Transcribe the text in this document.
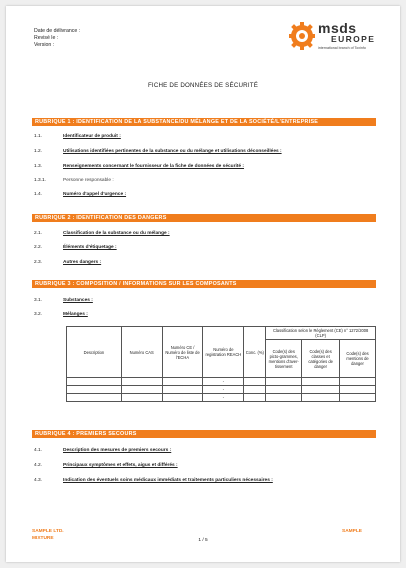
Date de délivrance :
Revisé le :
Version :
msds
EUROPE
international branch of Toxinfo
FICHE DE DONNÉES DE SÉCURITÉ
RUBRIQUE 1 : IDENTIFICATION DE LA SUBSTANCE/DU MÉLANGE ET DE LA SOCIÉTÉ/L'ENTREPRISE
1.1.	Identificateur de produit :
1.2.	Utilisations identifiées pertinentes de la substance ou du mélange et utilisations déconseillées :
1.3.	Renseignements concernant le fournisseur de la fiche de données de sécurité :
1.3.1.	Personne responsable :
1.4.	Numéro d'appel d'urgence :
RUBRIQUE 2 : IDENTIFICATION DES DANGERS
2.1.	Classification de la substance ou du mélange :
2.2.	Éléments d'étiquetage :
2.3.	Autres dangers :
RUBRIQUE 3 : COMPOSITION / INFORMATIONS SUR LES COMPOSANTS
3.1.	Substances :
3.2.	Mélanges :
Description	Numéro CAS	Numéro CE / Numéro de liste de l'ECHA	Numéro de registration REACH	Conc. (%)	Classification selon le Règlement (CE) n° 1272/2008 (CLP)		
					Code(s) des picto-grammes, mentions d'aver-tissement	Code(s) des classes et catégories de danger	Code(s) des mentions de danger
			-				
			-				
			-				
RUBRIQUE 4 : PREMIERS SECOURS
4.1.	Description des mesures de premiers secours :
4.2.	Principaux symptômes et effets, aigus et différés :
4.3.	Indication des éventuels soins médicaux immédiats et traitements particuliers nécessaires :
SAMPLE LTD.
MIXTURE	1 / 5
SAMPLE
